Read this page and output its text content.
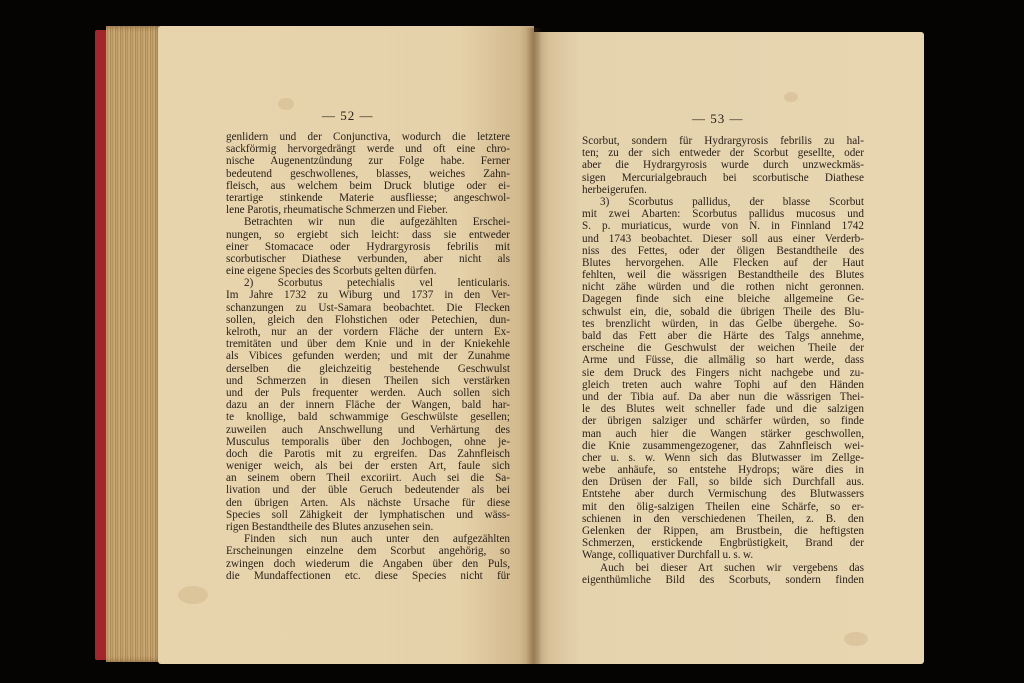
— 52 —
genlidern und der Conjunctiva, wodurch die letztere
sackförmig hervorgedrängt werde und oft eine chro-
nische Augenentzündung zur Folge habe. Ferner
bedeutend geschwollenes, blasses, weiches Zahn-
fleisch, aus welchem beim Druck blutige oder ei-
terartige stinkende Materie ausfliesse; angeschwol-
lene Parotis, rheumatische Schmerzen und Fieber.
Betrachten wir nun die aufgezählten Erschei-
nungen, so ergiebt sich leicht: dass sie entweder
einer Stomacace oder Hydrargyrosis febrilis mit
scorbutischer Diathese verbunden, aber nicht als
eine eigene Species des Scorbuts gelten dürfen.
2) Scorbutus petechialis vel lenticularis.
Im Jahre 1732 zu Wiburg und 1737 in den Ver-
schanzungen zu Ust-Samara beobachtet. Die Flecken
sollen, gleich den Flohstichen oder Petechien, dun-
kelroth, nur an der vordern Fläche der untern Ex-
tremitäten und über dem Knie und in der Kniekehle
als Vibices gefunden werden; und mit der Zunahme
derselben die gleichzeitig bestehende Geschwulst
und Schmerzen in diesen Theilen sich verstärken
und der Puls frequenter werden. Auch sollen sich
dazu an der innern Fläche der Wangen, bald har-
te knollige, bald schwammige Geschwülste gesellen;
zuweilen auch Anschwellung und Verhärtung des
Musculus temporalis über den Jochbogen, ohne je-
doch die Parotis mit zu ergreifen. Das Zahnfleisch
weniger weich, als bei der ersten Art, faule sich
an seinem obern Theil excoriirt. Auch sei die Sa-
livation und der üble Geruch bedeutender als bei
den übrigen Arten. Als nächste Ursache für diese
Species soll Zähigkeit der lymphatischen und wäss-
rigen Bestandtheile des Blutes anzusehen sein.
Finden sich nun auch unter den aufgezählten
Erscheinungen einzelne dem Scorbut angehörig, so
zwingen doch wiederum die Angaben über den Puls,
die Mundaffectionen etc. diese Species nicht für
— 53 —
Scorbut, sondern für Hydrargyrosis febrilis zu hal-
ten; zu der sich entweder der Scorbut gesellte, oder
aber die Hydrargyrosis wurde durch unzweckmäs-
sigen Mercurialgebrauch bei scorbutische Diathese
herbeigerufen.
3) Scorbutus pallidus, der blasse Scorbut
mit zwei Abarten: Scorbutus pallidus mucosus und
S. p. muriaticus, wurde von N. in Finnland 1742
und 1743 beobachtet. Dieser soll aus einer Verderb-
niss des Fettes, oder der öligen Bestandtheile des
Blutes hervorgehen. Alle Flecken auf der Haut
fehlten, weil die wässrigen Bestandtheile des Blutes
nicht zähe würden und die rothen nicht geronnen.
Dagegen finde sich eine bleiche allgemeine Ge-
schwulst ein, die, sobald die übrigen Theile des Blu-
tes brenzlicht würden, in das Gelbe übergehe. So-
bald das Fett aber die Härte des Talgs annehme,
erscheine die Geschwulst der weichen Theile der
Arme und Füsse, die allmälig so hart werde, dass
sie dem Druck des Fingers nicht nachgebe und zu-
gleich treten auch wahre Tophi auf den Händen
und der Tibia auf. Da aber nun die wässrigen Thei-
le des Blutes weit schneller fade und die salzigen
der übrigen salziger und schärfer würden, so finde
man auch hier die Wangen stärker geschwollen,
die Knie zusammengezogener, das Zahnfleisch wei-
cher u. s. w. Wenn sich das Blutwasser im Zellge-
webe anhäufe, so entstehe Hydrops; wäre dies in
den Drüsen der Fall, so bilde sich Durchfall aus.
Entstehe aber durch Vermischung des Blutwassers
mit den ölig-salzigen Theilen eine Schärfe, so er-
schienen in den verschiedenen Theilen, z. B. den
Gelenken der Rippen, am Brustbein, die heftigsten
Schmerzen, erstickende Engbrüstigkeit, Brand der
Wange, colliquativer Durchfall u. s. w.
Auch bei dieser Art suchen wir vergebens das
eigenthümliche Bild des Scorbuts, sondern finden
